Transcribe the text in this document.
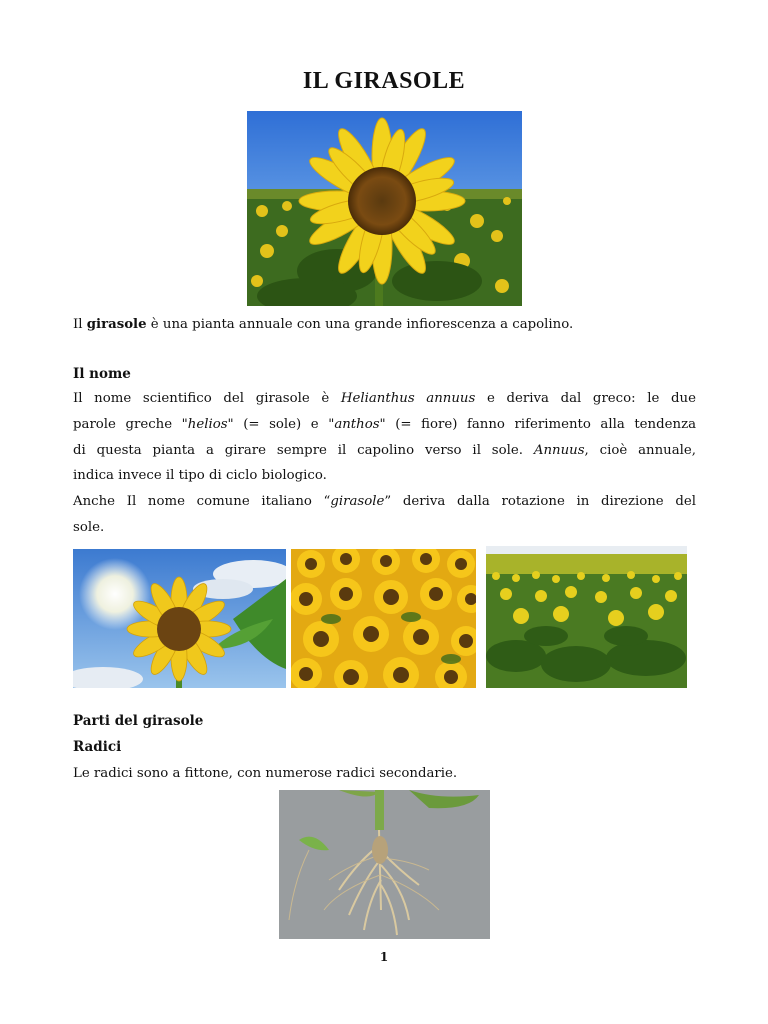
IL GIRASOLE
Il girasole è una pianta annuale con una grande infiorescenza a capolino.
Il nome
Il nome scientifico del girasole è Helianthus annuus e deriva dal greco: le due
parole greche "helios" (= sole) e "anthos" (= fiore) fanno riferimento alla tendenza
di questa pianta a girare sempre il capolino verso il sole. Annuus, cioè annuale,
indica invece il tipo di ciclo biologico.
Anche Il nome comune italiano “girasole” deriva dalla rotazione in direzione del
sole.
Parti del girasole
Radici
Le radici sono a fittone, con numerose radici secondarie.
1
